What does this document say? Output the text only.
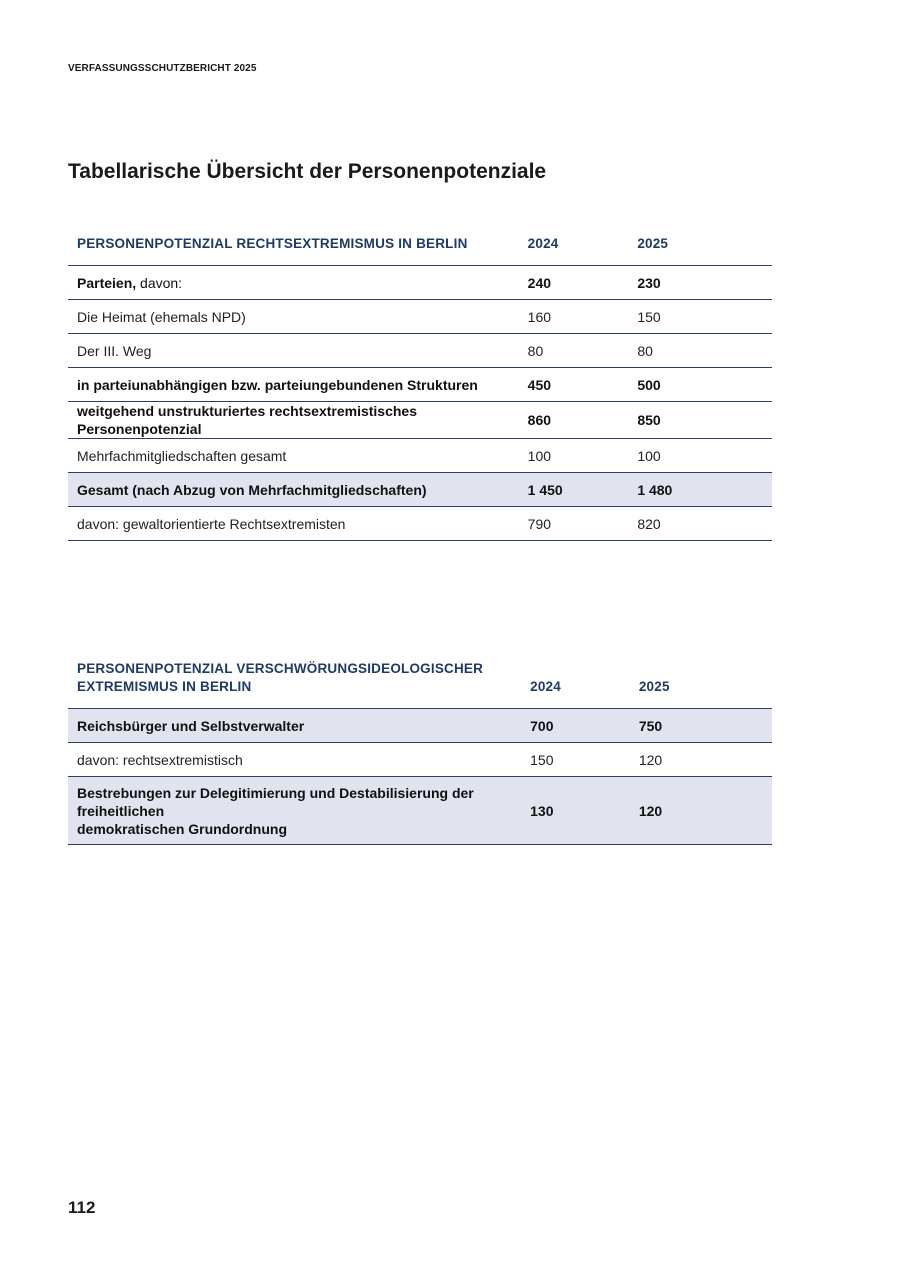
VERFASSUNGSSCHUTZBERICHT 2025
Tabellarische Übersicht der Personenpotenziale
PERSONENPOTENZIAL RECHTSEXTREMISMUS IN BERLIN	2024	2025
Parteien, davon:	240	230
Die Heimat (ehemals NPD)	160	150
Der III. Weg	80	80
in parteiunabhängigen bzw. parteiungebundenen Strukturen	450	500
weitgehend unstrukturiertes rechtsextremistisches Personenpotenzial	860	850
Mehrfachmitgliedschaften gesamt	100	100
Gesamt (nach Abzug von Mehrfachmitgliedschaften)	1 450	1 480
davon: gewaltorientierte Rechtsextremisten	790	820
PERSONENPOTENZIAL VERSCHWÖRUNGSIDEOLOGISCHER
EXTREMISMUS IN BERLIN	2024	2025
Reichsbürger und Selbstverwalter	700	750
davon: rechtsextremistisch	150	120
Bestrebungen zur Delegitimierung und Destabilisierung der freiheitlichen
demokratischen Grundordnung	130	120
112
